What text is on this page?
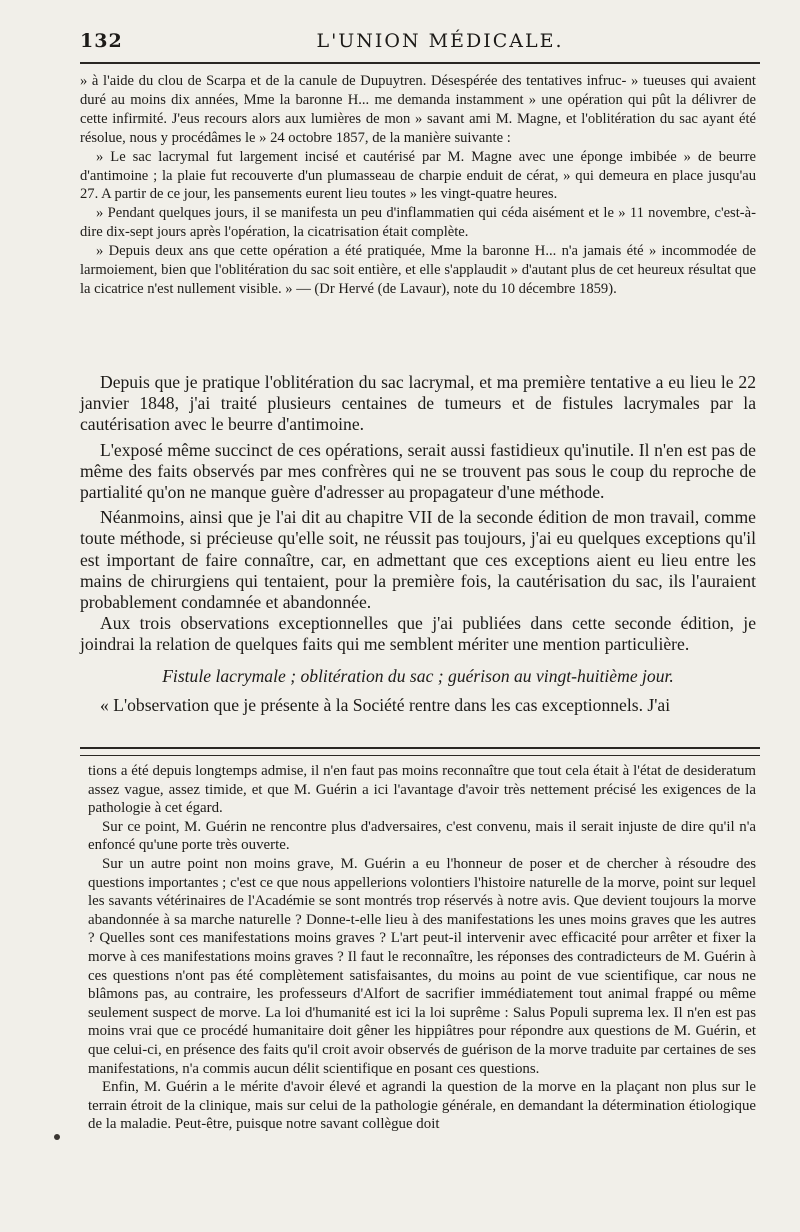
132	L'UNION MÉDICALE.

» à l'aide du clou de Scarpa et de la canule de Dupuytren. Désespérée des tentatives infruc- » tueuses qui avaient duré au moins dix années, Mme la baronne H... me demanda instamment » une opération qui pût la délivrer de cette infirmité. J'eus recours alors aux lumières de mon » savant ami M. Magne, et l'oblitération du sac ayant été résolue, nous y procédâmes le » 24 octobre 1857, de la manière suivante :

» Le sac lacrymal fut largement incisé et cautérisé par M. Magne avec une éponge imbibée » de beurre d'antimoine ; la plaie fut recouverte d'un plumasseau de charpie enduit de cérat, » qui demeura en place jusqu'au 27. A partir de ce jour, les pansements eurent lieu toutes » les vingt-quatre heures.

» Pendant quelques jours, il se manifesta un peu d'inflammatien qui céda aisément et le » 11 novembre, c'est-à-dire dix-sept jours après l'opération, la cicatrisation était complète.

» Depuis deux ans que cette opération a été pratiquée, Mme la baronne H... n'a jamais été » incommodée de larmoiement, bien que l'oblitération du sac soit entière, et elle s'applaudit » d'autant plus de cet heureux résultat que la cicatrice n'est nullement visible. » — (Dr Hervé (de Lavaur), note du 10 décembre 1859).

Depuis que je pratique l'oblitération du sac lacrymal, et ma première tentative a eu lieu le 22 janvier 1848, j'ai traité plusieurs centaines de tumeurs et de fistules lacrymales par la cautérisation avec le beurre d'antimoine.

L'exposé même succinct de ces opérations, serait aussi fastidieux qu'inutile. Il n'en est pas de même des faits observés par mes confrères qui ne se trouvent pas sous le coup du reproche de partialité qu'on ne manque guère d'adresser au propagateur d'une méthode.

Néanmoins, ainsi que je l'ai dit au chapitre VII de la seconde édition de mon travail, comme toute méthode, si précieuse qu'elle soit, ne réussit pas toujours, j'ai eu quelques exceptions qu'il est important de faire connaître, car, en admettant que ces exceptions aient eu lieu entre les mains de chirurgiens qui tentaient, pour la première fois, la cautérisation du sac, ils l'auraient probablement condamnée et abandonnée.

Aux trois observations exceptionnelles que j'ai publiées dans cette seconde édition, je joindrai la relation de quelques faits qui me semblent mériter une mention particulière.

Fistule lacrymale ; oblitération du sac ; guérison au vingt-huitième jour.

« L'observation que je présente à la Société rentre dans les cas exceptionnels. J'ai

tions a été depuis longtemps admise, il n'en faut pas moins reconnaître que tout cela était à l'état de desideratum assez vague, assez timide, et que M. Guérin a ici l'avantage d'avoir très nettement précisé les exigences de la pathologie à cet égard.

Sur ce point, M. Guérin ne rencontre plus d'adversaires, c'est convenu, mais il serait injuste de dire qu'il n'a enfoncé qu'une porte très ouverte.

Sur un autre point non moins grave, M. Guérin a eu l'honneur de poser et de chercher à résoudre des questions importantes ; c'est ce que nous appellerions volontiers l'histoire naturelle de la morve, point sur lequel les savants vétérinaires de l'Académie se sont montrés trop réservés à notre avis. Que devient toujours la morve abandonnée à sa marche naturelle ? Donne-t-elle lieu à des manifestations les unes moins graves que les autres ? Quelles sont ces manifestations moins graves ? L'art peut-il intervenir avec efficacité pour arrêter et fixer la morve à ces manifestations moins graves ? Il faut le reconnaître, les réponses des contradicteurs de M. Guérin à ces questions n'ont pas été complètement satisfaisantes, du moins au point de vue scientifique, car nous ne blâmons pas, au contraire, les professeurs d'Alfort de sacrifier immédiatement tout animal frappé ou même seulement suspect de morve. La loi d'humanité est ici la loi suprême : Salus Populi suprema lex. Il n'en est pas moins vrai que ce procédé humanitaire doit gêner les hippiâtres pour répondre aux questions de M. Guérin, et que celui-ci, en présence des faits qu'il croit avoir observés de guérison de la morve traduite par certaines de ses manifestations, n'a commis aucun délit scientifique en posant ces questions.

Enfin, M. Guérin a le mérite d'avoir élevé et agrandi la question de la morve en la plaçant non plus sur le terrain étroit de la clinique, mais sur celui de la pathologie générale, en demandant la détermination étiologique de la maladie. Peut-être, puisque notre savant collègue doit
